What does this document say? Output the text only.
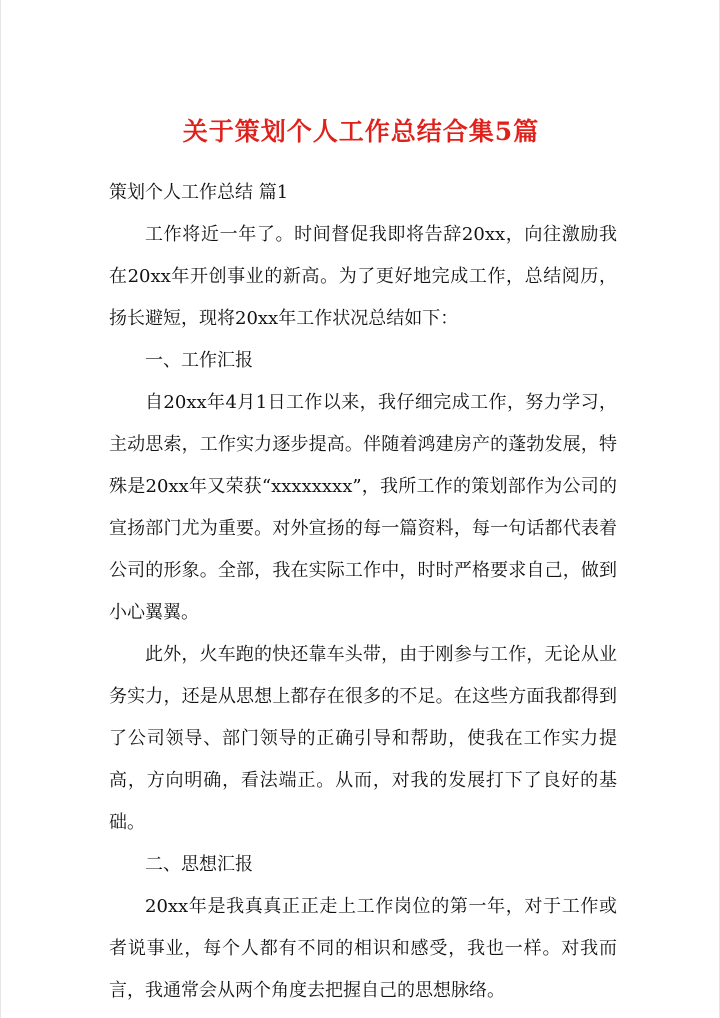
关于策划个人工作总结合集5篇

策划个人工作总结 篇1

工作将近一年了。时间督促我即将告辞20xx，向往激励我在20xx年开创事业的新高。为了更好地完成工作，总结阅历，扬长避短，现将20xx年工作状况总结如下：

一、工作汇报

自20xx年4月1日工作以来，我仔细完成工作，努力学习，主动思索，工作实力逐步提高。伴随着鸿建房产的蓬勃发展，特殊是20xx年又荣获“xxxxxxxx”，我所工作的策划部作为公司的宣扬部门尤为重要。对外宣扬的每一篇资料，每一句话都代表着公司的形象。全部，我在实际工作中，时时严格要求自己，做到小心翼翼。

此外，火车跑的快还靠车头带，由于刚参与工作，无论从业务实力，还是从思想上都存在很多的不足。在这些方面我都得到了公司领导、部门领导的正确引导和帮助，使我在工作实力提高，方向明确，看法端正。从而，对我的发展打下了良好的基础。

二、思想汇报

20xx年是我真真正正走上工作岗位的第一年，对于工作或者说事业，每个人都有不同的相识和感受，我也一样。对我而言，我通常会从两个角度去把握自己的思想脉络。
